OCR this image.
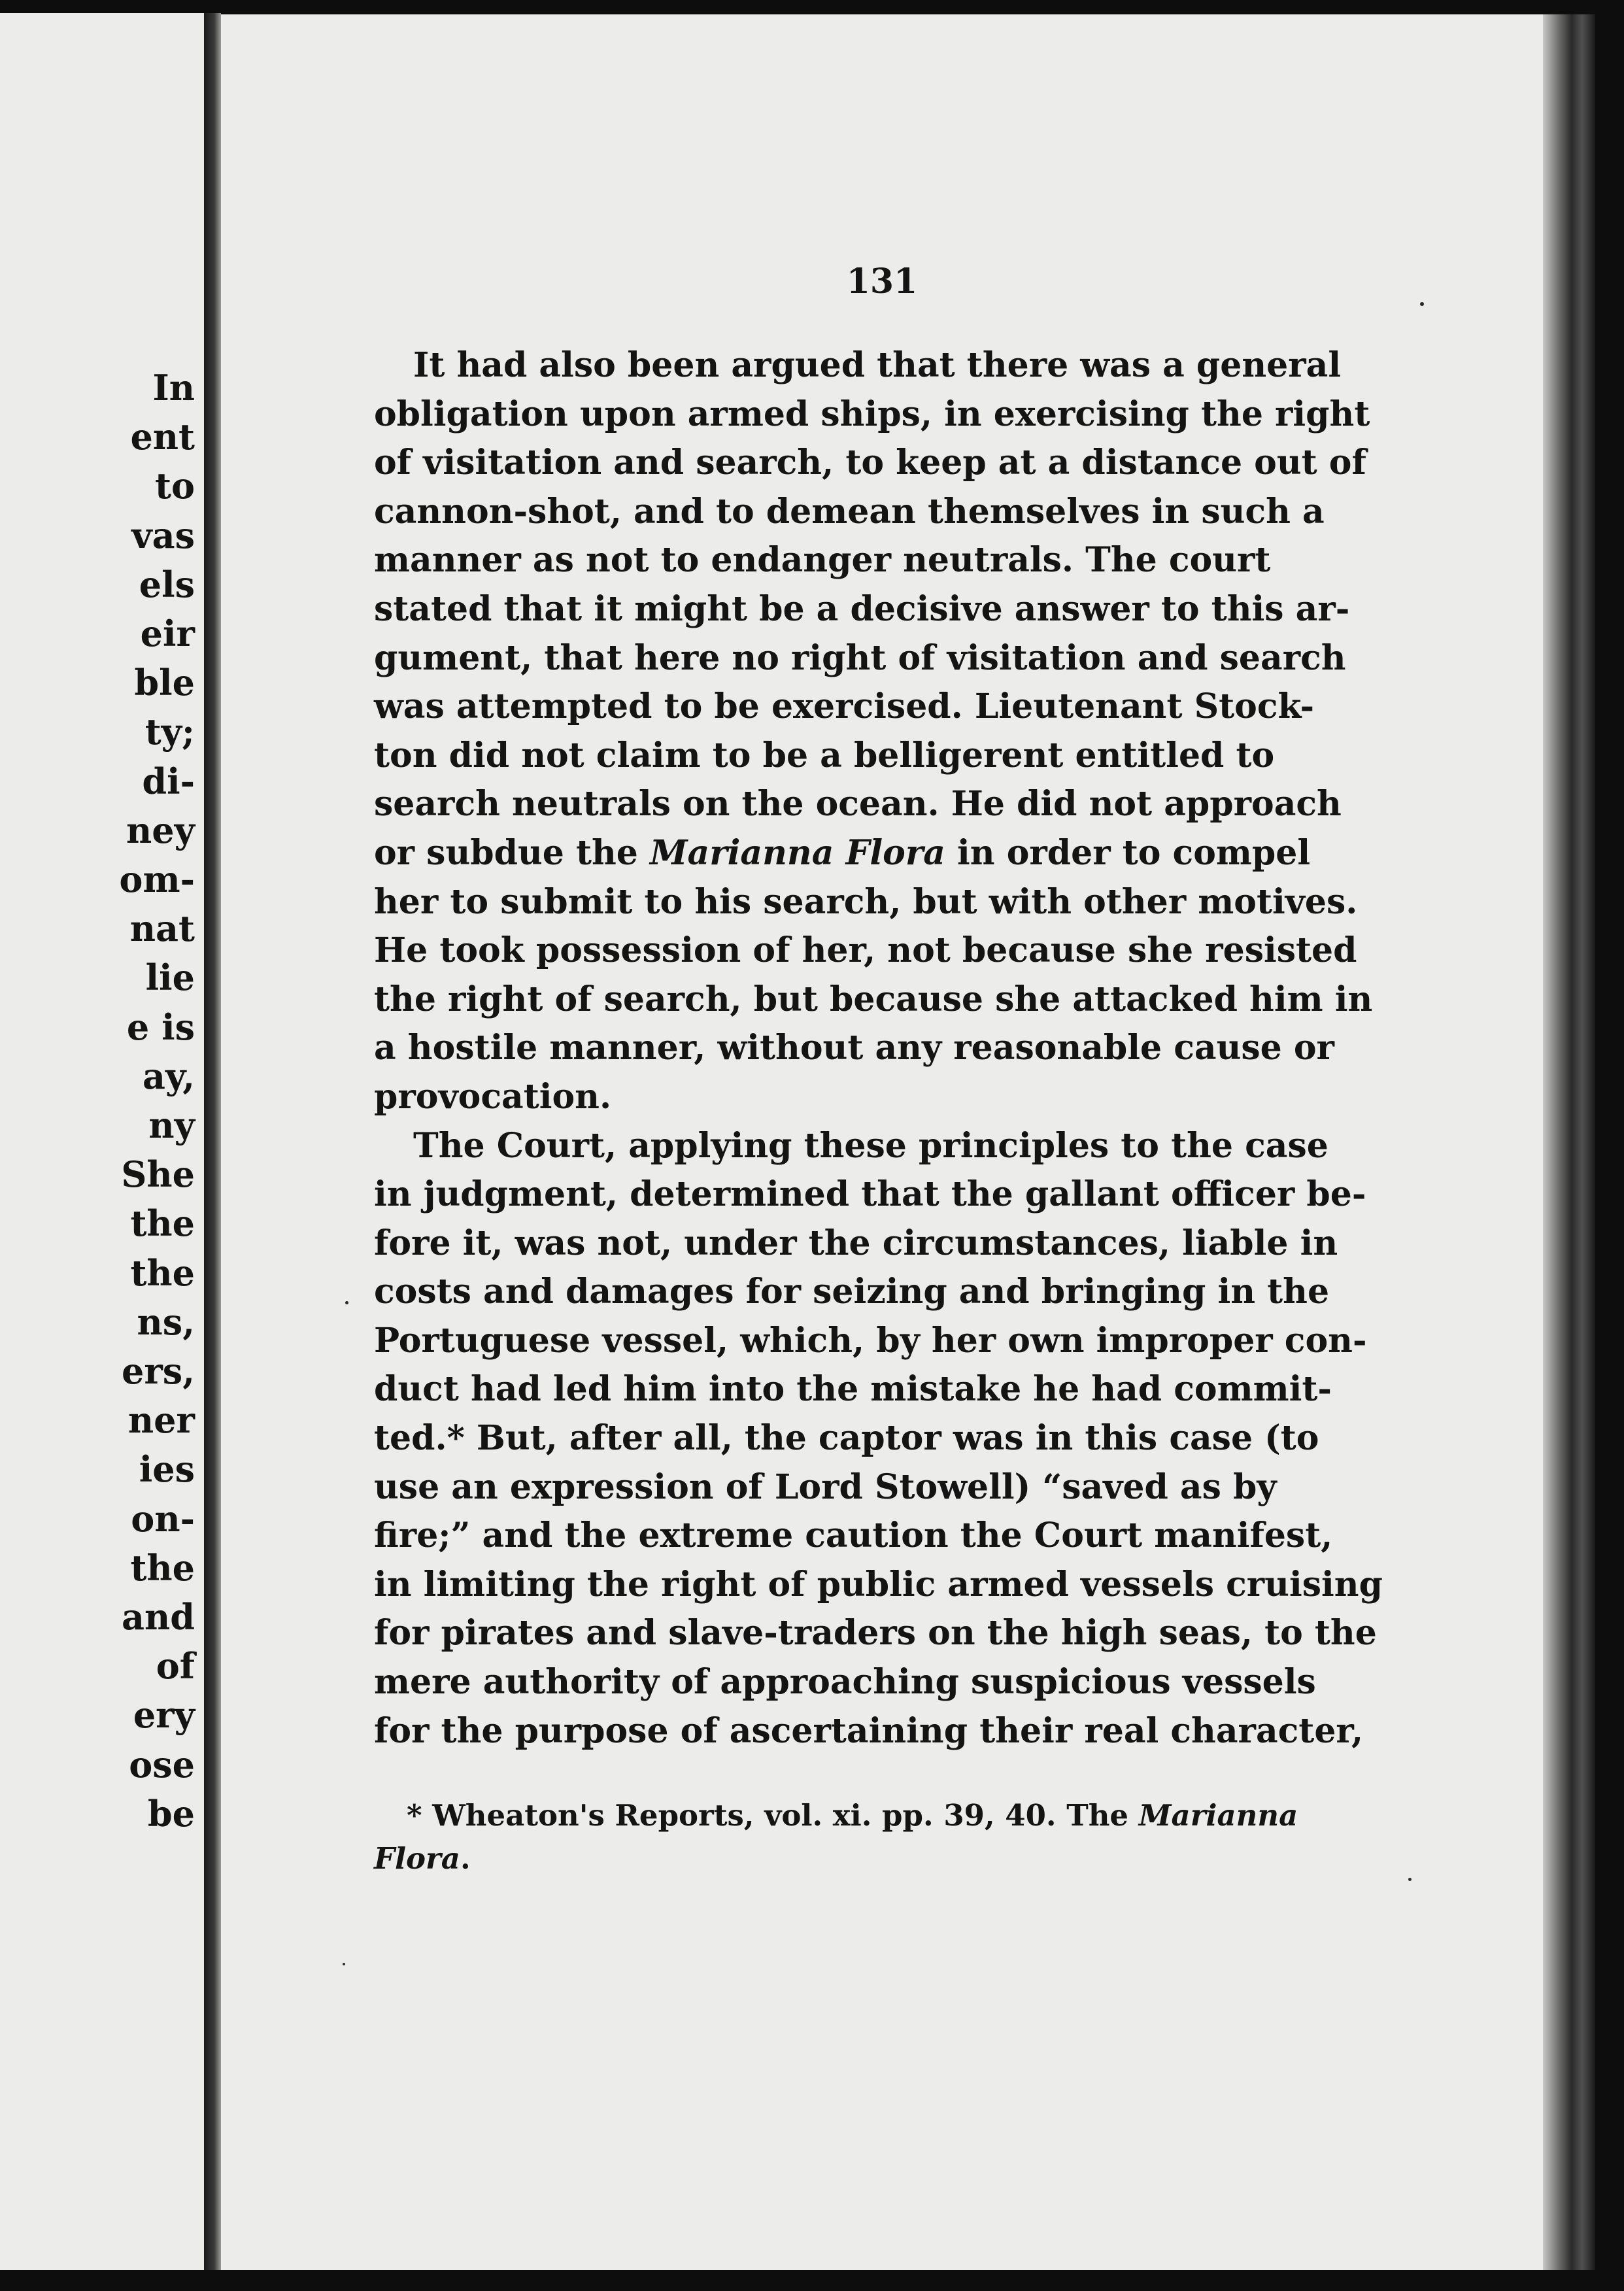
In
ent
to
vas
els
eir
ble
ty;
di-
ney
om-
nat
lie
e is
ay,
ny
She
the
the
ns,
ers,
ner
ies
on-
the
and
of
ery
ose
be
131
It had also been argued that there was a general
obligation upon armed ships, in exercising the right
of visitation and search, to keep at a distance out of
cannon-shot, and to demean themselves in such a
manner as not to endanger neutrals. The court
stated that it might be a decisive answer to this ar-
gument, that here no right of visitation and search
was attempted to be exercised. Lieutenant Stock-
ton did not claim to be a belligerent entitled to
search neutrals on the ocean. He did not approach
or subdue the Marianna Flora in order to compel
her to submit to his search, but with other motives.
He took possession of her, not because she resisted
the right of search, but because she attacked him in
a hostile manner, without any reasonable cause or
provocation.
The Court, applying these principles to the case
in judgment, determined that the gallant officer be-
fore it, was not, under the circumstances, liable in
costs and damages for seizing and bringing in the
Portuguese vessel, which, by her own improper con-
duct had led him into the mistake he had commit-
ted.* But, after all, the captor was in this case (to
use an expression of Lord Stowell) “saved as by
fire;” and the extreme caution the Court manifest,
in limiting the right of public armed vessels cruising
for pirates and slave-traders on the high seas, to the
mere authority of approaching suspicious vessels
for the purpose of ascertaining their real character,
* Wheaton's Reports, vol. xi. pp. 39, 40. The Marianna
Flora.
